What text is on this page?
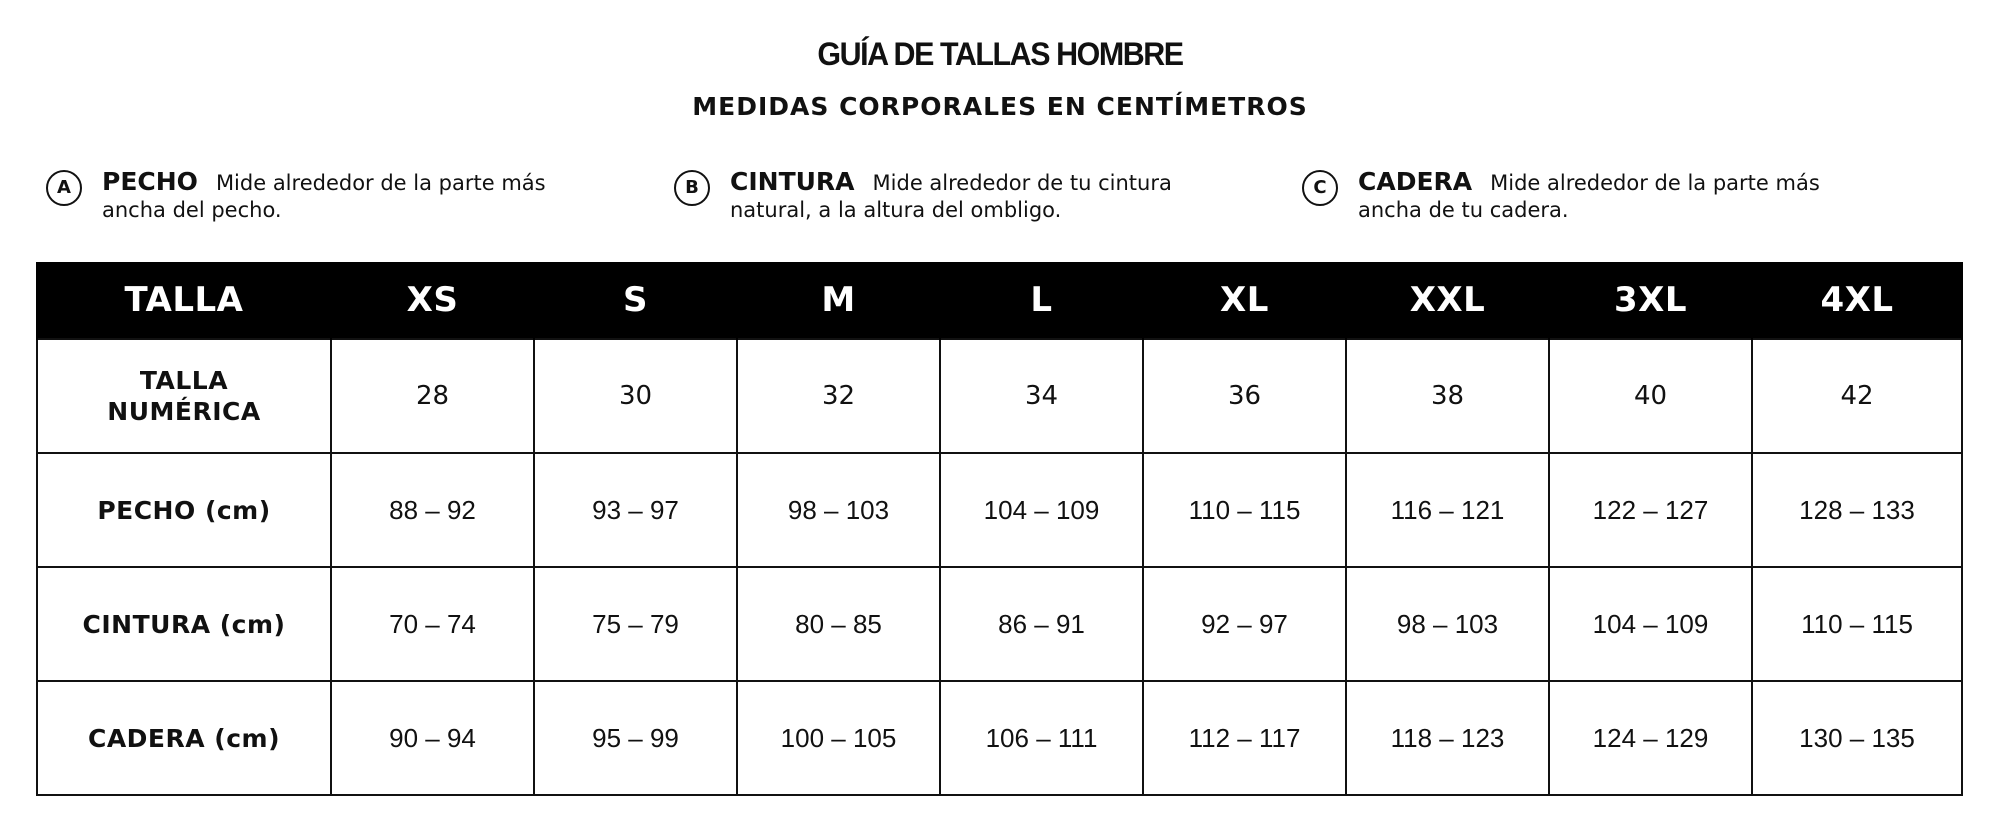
GUÍA DE TALLAS HOMBRE
MEDIDAS CORPORALES EN CENTÍMETROS
A	PECHO Mide alrededor de la parte más
ancha del pecho.
B	CINTURA Mide alrededor de tu cintura
natural, a la altura del ombligo.
C	CADERA Mide alrededor de la parte más
ancha de tu cadera.
TALLA	XS	S	M	L	XL	XXL	3XL	4XL
TALLA
NUMÉRICA	28	30	32	34	36	38	40	42
PECHO (cm)	88 – 92	93 – 97	98 – 103	104 – 109	110 – 115	116 – 121	122 – 127	128 – 133
CINTURA (cm)	70 – 74	75 – 79	80 – 85	86 – 91	92 – 97	98 – 103	104 – 109	110 – 115
CADERA (cm)	90 – 94	95 – 99	100 – 105	106 – 111	112 – 117	118 – 123	124 – 129	130 – 135
